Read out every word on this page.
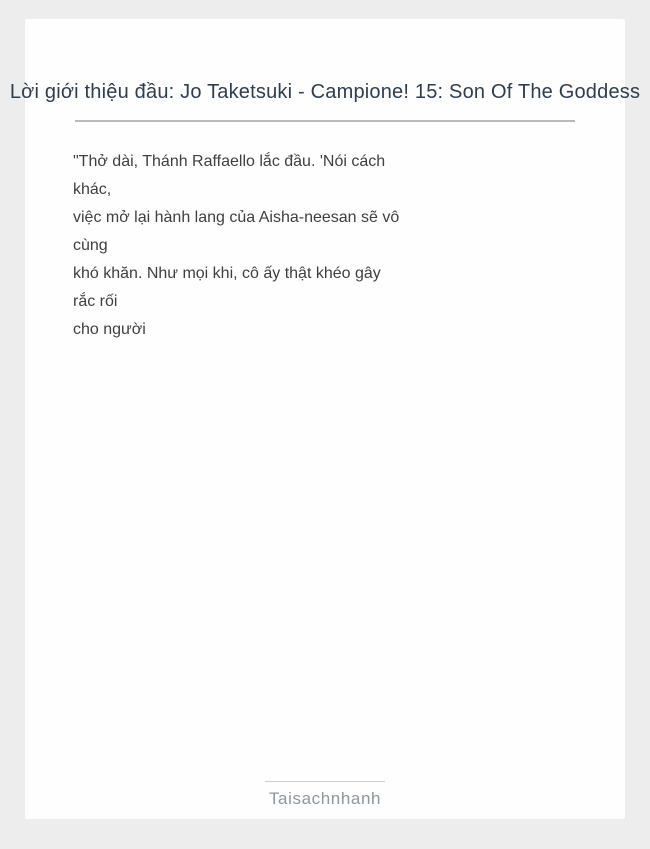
Lời giới thiệu đầu: Jo Taketsuki - Campione! 15: Son Of The Goddess
"Thở dài, Thánh Raffaello lắc đầu. 'Nói cách
khác,
việc mở lại hành lang của Aisha-neesan sẽ vô
cùng
khó khăn. Như mọi khi, cô ấy thật khéo gây
rắc rối
cho người
Taisachnhanh
